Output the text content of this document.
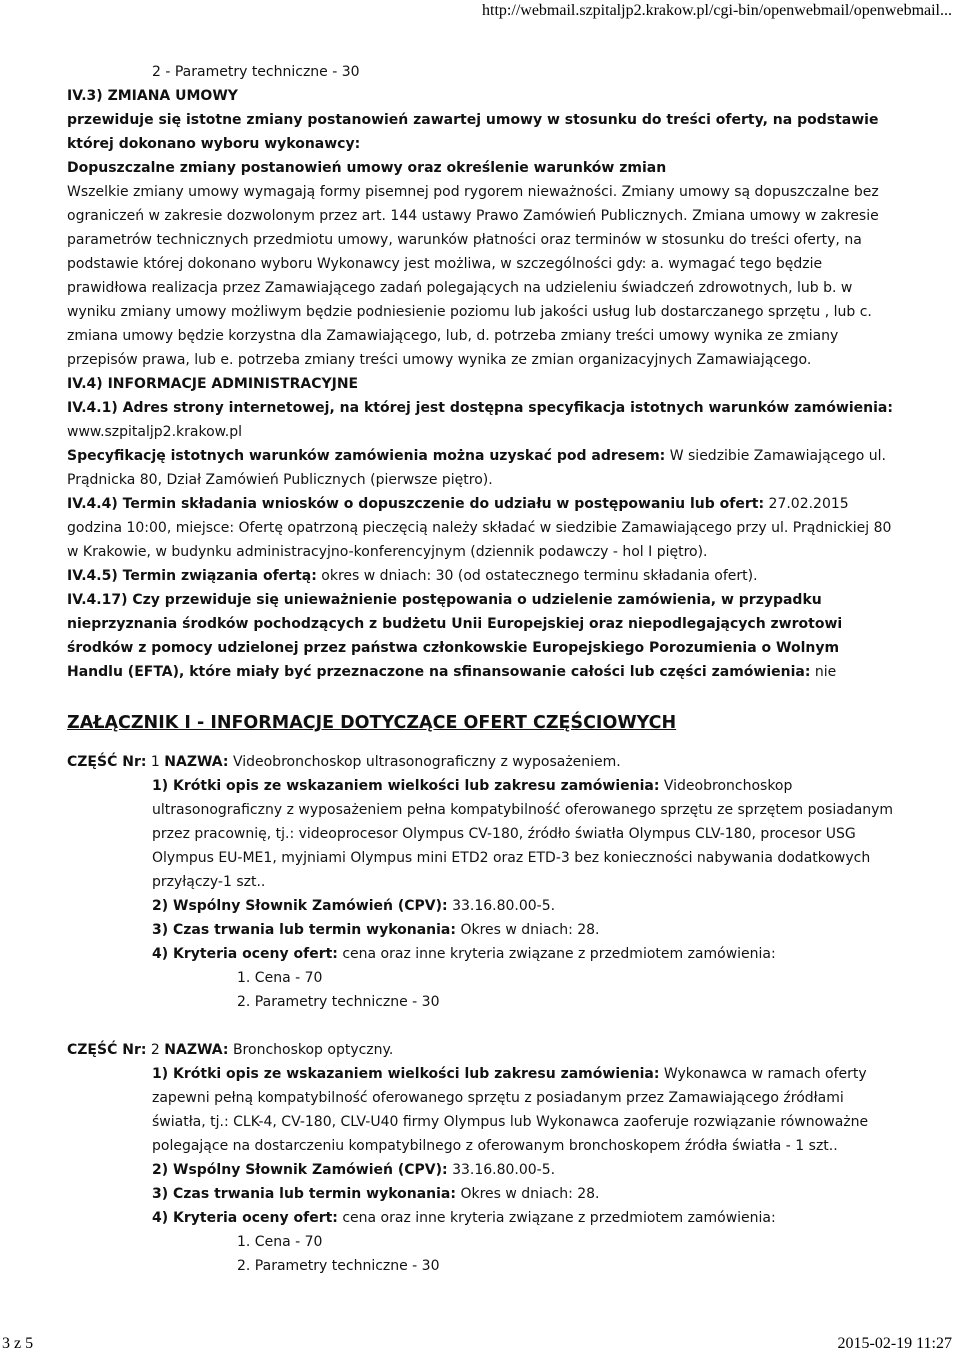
http://webmail.szpitaljp2.krakow.pl/cgi-bin/openwebmail/openwebmail...

2 - Parametry techniczne - 30

IV.3) ZMIANA UMOWY

przewiduje się istotne zmiany postanowień zawartej umowy w stosunku do treści oferty, na podstawie której dokonano wyboru wykonawcy:

Dopuszczalne zmiany postanowień umowy oraz określenie warunków zmian

Wszelkie zmiany umowy wymagają formy pisemnej pod rygorem nieważności. Zmiany umowy są dopuszczalne bez ograniczeń w zakresie dozwolonym przez art. 144 ustawy Prawo Zamówień Publicznych. Zmiana umowy w zakresie parametrów technicznych przedmiotu umowy, warunków płatności oraz terminów w stosunku do treści oferty, na podstawie której dokonano wyboru Wykonawcy jest możliwa, w szczególności gdy: a. wymagać tego będzie prawidłowa realizacja przez Zamawiającego zadań polegających na udzieleniu świadczeń zdrowotnych, lub b. w wyniku zmiany umowy możliwym będzie podniesienie poziomu lub jakości usług lub dostarczanego sprzętu , lub c. zmiana umowy będzie korzystna dla Zamawiającego, lub, d. potrzeba zmiany treści umowy wynika ze zmiany przepisów prawa, lub e. potrzeba zmiany treści umowy wynika ze zmian organizacyjnych Zamawiającego.

IV.4) INFORMACJE ADMINISTRACYJNE

IV.4.1) Adres strony internetowej, na której jest dostępna specyfikacja istotnych warunków zamówienia:

www.szpitaljp2.krakow.pl

Specyfikację istotnych warunków zamówienia można uzyskać pod adresem: W siedzibie Zamawiającego ul. Prądnicka 80, Dział Zamówień Publicznych (pierwsze piętro).

IV.4.4) Termin składania wniosków o dopuszczenie do udziału w postępowaniu lub ofert: 27.02.2015 godzina 10:00, miejsce: Ofertę opatrzoną pieczęcią należy składać w siedzibie Zamawiającego przy ul. Prądnickiej 80 w Krakowie, w budynku administracyjno-konferencyjnym (dziennik podawczy - hol I piętro).

IV.4.5) Termin związania ofertą: okres w dniach: 30 (od ostatecznego terminu składania ofert).

IV.4.17) Czy przewiduje się unieważnienie postępowania o udzielenie zamówienia, w przypadku nieprzyznania środków pochodzących z budżetu Unii Europejskiej oraz niepodlegających zwrotowi środków z pomocy udzielonej przez państwa członkowskie Europejskiego Porozumienia o Wolnym Handlu (EFTA), które miały być przeznaczone na sfinansowanie całości lub części zamówienia: nie

ZAŁĄCZNIK I - INFORMACJE DOTYCZĄCE OFERT CZĘŚCIOWYCH

CZĘŚĆ Nr: 1 NAZWA: Videobronchoskop ultrasonograficzny z wyposażeniem.

1) Krótki opis ze wskazaniem wielkości lub zakresu zamówienia: Videobronchoskop ultrasonograficzny z wyposażeniem pełna kompatybilność oferowanego sprzętu ze sprzętem posiadanym przez pracownię, tj.: videoprocesor Olympus CV-180, źródło światła Olympus CLV-180, procesor USG Olympus EU-ME1, myjniami Olympus mini ETD2 oraz ETD-3 bez konieczności nabywania dodatkowych przyłączy-1 szt..

2) Wspólny Słownik Zamówień (CPV): 33.16.80.00-5.

3) Czas trwania lub termin wykonania: Okres w dniach: 28.

4) Kryteria oceny ofert: cena oraz inne kryteria związane z przedmiotem zamówienia:

1. Cena - 70

2. Parametry techniczne - 30

CZĘŚĆ Nr: 2 NAZWA: Bronchoskop optyczny.

1) Krótki opis ze wskazaniem wielkości lub zakresu zamówienia: Wykonawca w ramach oferty zapewni pełną kompatybilność oferowanego sprzętu z posiadanym przez Zamawiającego źródłami światła, tj.: CLK-4, CV-180, CLV-U40 firmy Olympus lub Wykonawca zaoferuje rozwiązanie równoważne polegające na dostarczeniu kompatybilnego z oferowanym bronchoskopem źródła światła - 1 szt..

2) Wspólny Słownik Zamówień (CPV): 33.16.80.00-5.

3) Czas trwania lub termin wykonania: Okres w dniach: 28.

4) Kryteria oceny ofert: cena oraz inne kryteria związane z przedmiotem zamówienia:

1. Cena - 70

2. Parametry techniczne - 30

3 z 5	2015-02-19 11:27
